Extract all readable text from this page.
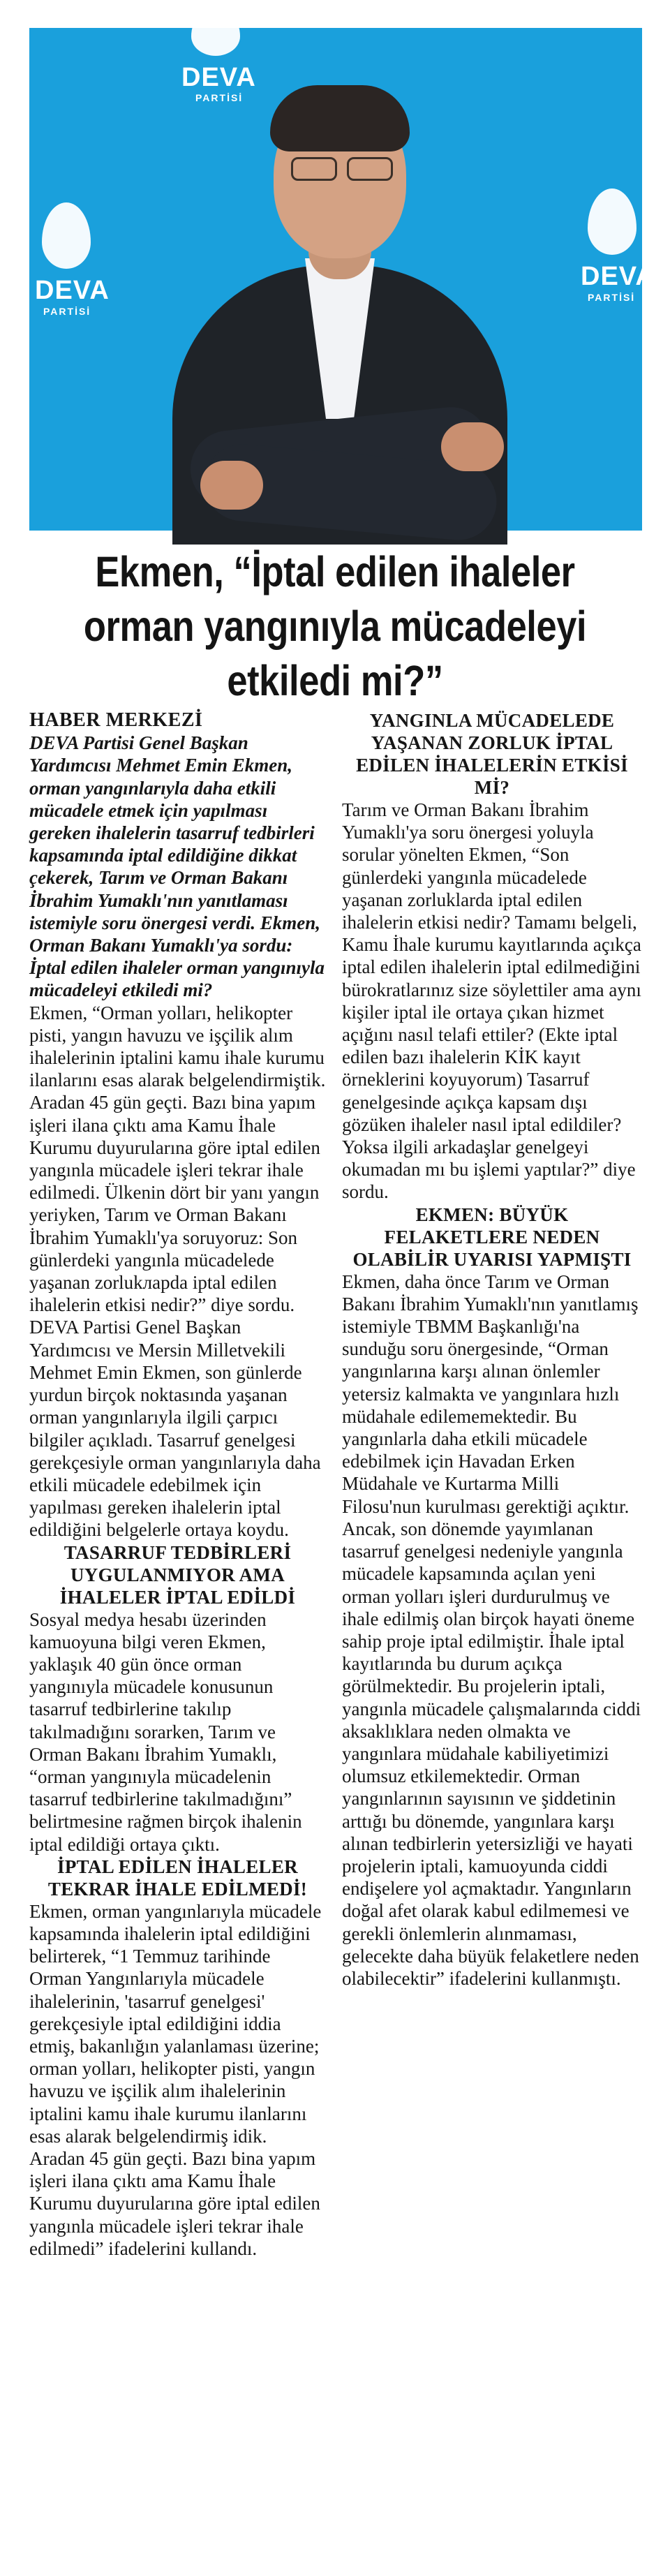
DEVA
PARTİSİ
DEVA
PARTİSİ
DEVA
PARTİSİ
Ekmen, “İptal edilen ihaleler orman yangınıyla mücadeleyi etkiledi mi?”

HABER MERKEZİ

DEVA Partisi Genel Başkan Yardımcısı Mehmet Emin Ekmen, orman yangınlarıyla daha etkili mücadele etmek için yapılması gereken ihalelerin tasarruf tedbirleri kapsamında iptal edildiğine dikkat çekerek, Tarım ve Orman Bakanı İbrahim Yumaklı'nın yanıtlaması istemiyle soru önergesi verdi. Ekmen, Orman Bakanı Yumaklı'ya sordu: İptal edilen ihaleler orman yangınıyla mücadeleyi etkiledi mi?

Ekmen, “Orman yolları, helikopter pisti, yangın havuzu ve işçilik alım ihalelerinin iptalini kamu ihale kurumu ilanlarını esas alarak belgelendirmiştik. Aradan 45 gün geçti. Bazı bina yapım işleri ilana çıktı ama Kamu İhale Kurumu duyurularına göre iptal edilen yangınla mücadele işleri tekrar ihale edilmedi. Ülkenin dört bir yanı yangın yeriyken, Tarım ve Orman Bakanı İbrahim Yumaklı'ya soruyoruz: Son günlerdeki yangınla mücadelede yaşanan zorlukларda iptal edilen ihalelerin etkisi nedir?” diye sordu.

DEVA Partisi Genel Başkan Yardımcısı ve Mersin Milletvekili Mehmet Emin Ekmen, son günlerde yurdun birçok noktasında yaşanan orman yangınlarıyla ilgili çarpıcı bilgiler açıkladı. Tasarruf genelgesi gerekçesiyle orman yangınlarıyla daha etkili mücadele edebilmek için yapılması gereken ihalelerin iptal edildiğini belgelerle ortaya koydu.

TASARRUF TEDBİRLERİ UYGULANMIYOR AMA İHALELER İPTAL EDİLDİ

Sosyal medya hesabı üzerinden kamuoyuna bilgi veren Ekmen, yaklaşık 40 gün önce orman yangınıyla mücadele konusunun tasarruf tedbirlerine takılıp takılmadığını sorarken, Tarım ve Orman Bakanı İbrahim Yumaklı, “orman yangınıyla mücadelenin tasarruf tedbirlerine takılmadığını” belirtmesine rağmen birçok ihalenin iptal edildiği ortaya çıktı.

İPTAL EDİLEN İHALELER TEKRAR İHALE EDİLMEDİ!

Ekmen, orman yangınlarıyla mücadele kapsamında ihalelerin iptal edildiğini belirterek, “1 Temmuz tarihinde Orman Yangınlarıyla mücadele ihalelerinin, 'tasarruf genelgesi' gerekçesiyle iptal edildiğini iddia etmiş, bakanlığın yalanlaması üzerine; orman yolları, helikopter pisti, yangın havuzu ve işçilik alım ihalelerinin iptalini kamu ihale kurumu ilanlarını esas alarak belgelendirmiş idik. Aradan 45 gün geçti. Bazı bina yapım işleri ilana çıktı ama Kamu İhale Kurumu duyurularına göre iptal edilen yangınla mücadele işleri tekrar ihale edilmedi” ifadelerini kullandı.

YANGINLA MÜCADELEDE YAŞANAN ZORLUK İPTAL EDİLEN İHALELERİN ETKİSİ Mİ?

Tarım ve Orman Bakanı İbrahim Yumaklı'ya soru önergesi yoluyla sorular yönelten Ekmen, “Son günlerdeki yangınla mücadelede yaşanan zorluklarda iptal edilen ihalelerin etkisi nedir? Tamamı belgeli, Kamu İhale kurumu kayıtlarında açıkça iptal edilen ihalelerin iptal edilmediğini bürokratlarınız size söylettiler ama aynı kişiler iptal ile ortaya çıkan hizmet açığını nasıl telafi ettiler? (Ekte iptal edilen bazı ihalelerin KİK kayıt örneklerini koyuyorum) Tasarruf genelgesinde açıkça kapsam dışı gözüken ihaleler nasıl iptal edildiler? Yoksa ilgili arkadaşlar genelgeyi okumadan mı bu işlemi yaptılar?” diye sordu.

EKMEN: BÜYÜK FELAKETLERE NEDEN OLABİLİR UYARISI YAPMIŞTI

Ekmen, daha önce Tarım ve Orman Bakanı İbrahim Yumaklı'nın yanıtlamış istemiyle TBMM Başkanlığı'na sunduğu soru önergesinde, “Orman yangınlarına karşı alınan önlemler yetersiz kalmakta ve yangınlara hızlı müdahale edilememektedir. Bu yangınlarla daha etkili mücadele edebilmek için Havadan Erken Müdahale ve Kurtarma Milli Filosu'nun kurulması gerektiği açıktır. Ancak, son dönemde yayımlanan tasarruf genelgesi nedeniyle yangınla mücadele kapsamında açılan yeni orman yolları işleri durdurulmuş ve ihale edilmiş olan birçok hayati öneme sahip proje iptal edilmiştir. İhale iptal kayıtlarında bu durum açıkça görülmektedir. Bu projelerin iptali, yangınla mücadele çalışmalarında ciddi aksaklıklara neden olmakta ve yangınlara müdahale kabiliyetimizi olumsuz etkilemektedir. Orman yangınlarının sayısının ve şiddetinin arttığı bu dönemde, yangınlara karşı alınan tedbirlerin yetersizliği ve hayati projelerin iptali, kamuoyunda ciddi endişelere yol açmaktadır. Yangınların doğal afet olarak kabul edilmemesi ve gerekli önlemlerin alınmaması, gelecekte daha büyük felaketlere neden olabilecektir” ifadelerini kullanmıştı.
